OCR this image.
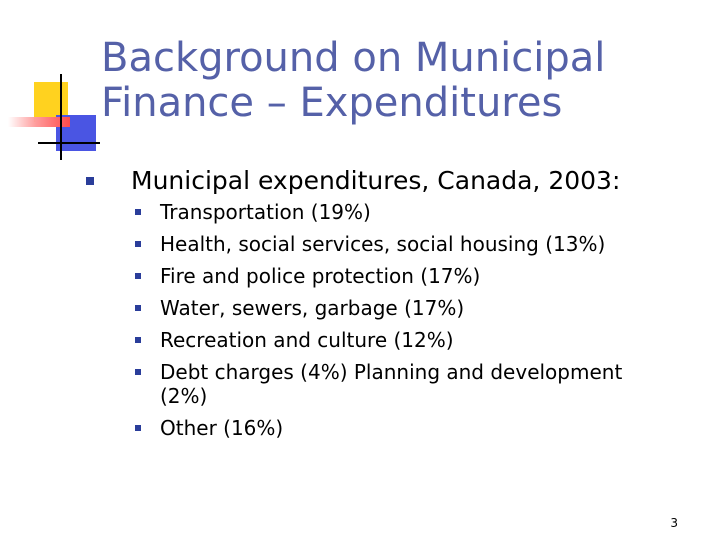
Background on Municipal Finance – Expenditures
Municipal expenditures, Canada, 2003:
Transportation (19%)
Health, social services, social housing (13%)
Fire and police protection (17%)
Water, sewers, garbage (17%)
Recreation and culture (12%)
Debt charges (4%) Planning and development (2%)
Other (16%)
3
